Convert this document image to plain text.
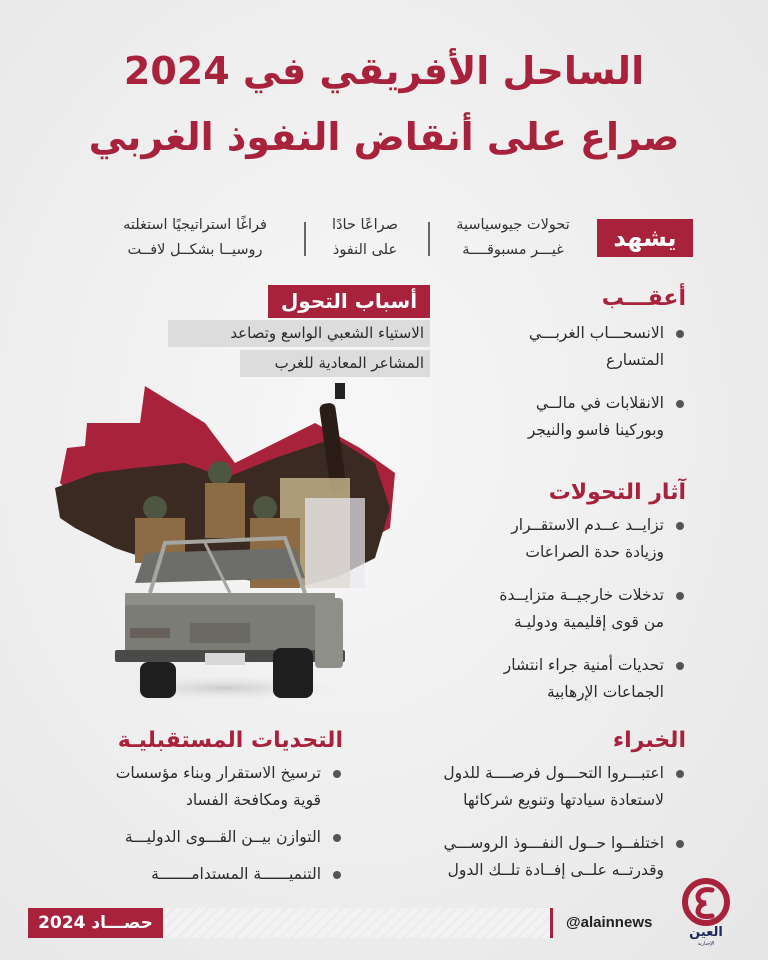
الساحل الأفريقي في 2024
صراع على أنقاض النفوذ الغربي
يشهد
تحولات جيوسياسية
غيـــر مسبوقــــة
صراعًا حادًا
على النفوذ
فراغًا استراتيجيًا استغلته
روسيــا بشكــل لافــت
أسباب التحول
الاستياء الشعبي الواسع وتصاعد
المشاعر المعادية للغرب
أعقـــب
الانسحـــاب الغربـــي
المتسارع
الانقلابات في مالــي
وبوركينا فاسو والنيجر
آثار التحولات
تزايــد عــدم الاستقــرار
وزيادة حدة الصراعات
تدخلات خارجيــة متزايــدة
من قوى إقليمية ودوليـة
تحديات أمنية جراء انتشار
الجماعات الإرهابية
الخبراء
اعتبـــروا التحـــول فرصــــة للدول
لاستعادة سيادتها وتنويع شركائها
اختلفــوا حــول النفـــوذ الروســـي
وقدرتــه علــى إفــادة تلــك الدول
التحديات المستقبليـة
ترسيخ الاستقرار وبناء مؤسسات
قوية ومكافحة الفساد
التوازن بيــن القـــوى الدوليـــة
التنميــــــة المستدامـــــــة
حصـــاد 2024	@alainnews
العين
الإخبارية
